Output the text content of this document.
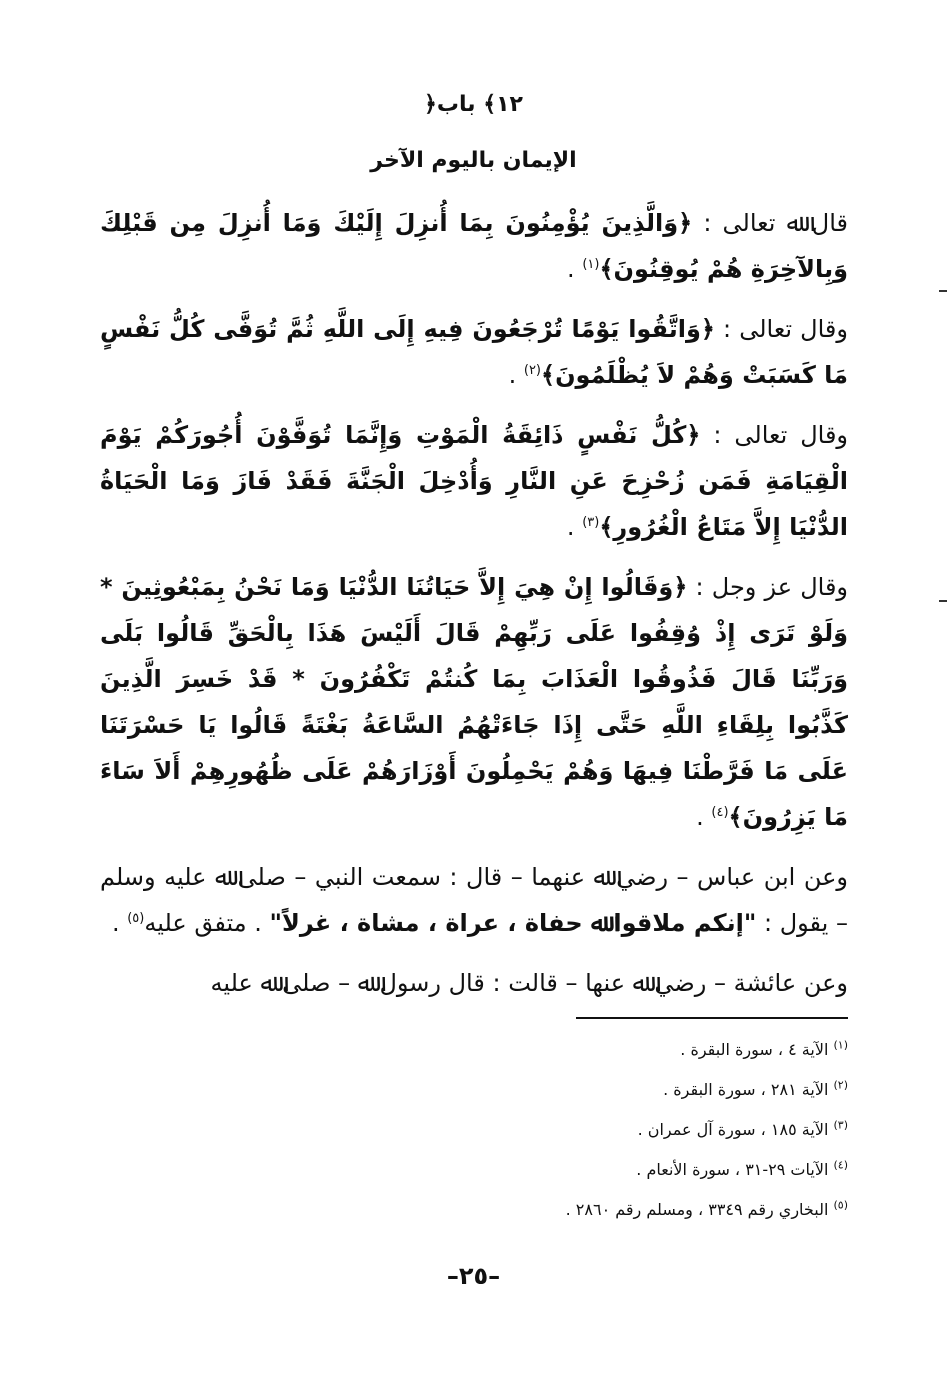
﴿١٢﴾ باب
الإيمان باليوم الآخر

قال ﷲ تعالى : ﴿وَالَّذِينَ يُؤْمِنُونَ بِمَا أُنزِلَ إِلَيْكَ وَمَا أُنزِلَ مِن قَبْلِكَ وَبِالآخِرَةِ هُمْ يُوقِنُونَ﴾$^{(١)}$ .

وقال تعالى : ﴿وَاتَّقُوا يَوْمًا تُرْجَعُونَ فِيهِ إِلَى اللَّهِ ثُمَّ تُوَفَّى كُلُّ نَفْسٍ مَا كَسَبَتْ وَهُمْ لاَ يُظْلَمُونَ﴾$^{(٢)}$ .

وقال تعالى : ﴿كُلُّ نَفْسٍ ذَائِقَةُ الْمَوْتِ وَإِنَّمَا تُوَفَّوْنَ أُجُورَكُمْ يَوْمَ الْقِيَامَةِ فَمَن زُحْزِحَ عَنِ النَّارِ وَأُدْخِلَ الْجَنَّةَ فَقَدْ فَازَ وَمَا الْحَيَاةُ الدُّنْيَا إِلاَّ مَتَاعُ الْغُرُورِ﴾$^{(٣)}$ .

وقال عز وجل : ﴿وَقَالُوا إِنْ هِيَ إِلاَّ حَيَاتُنَا الدُّنْيَا وَمَا نَحْنُ بِمَبْعُوثِينَ * وَلَوْ تَرَى إِذْ وُقِفُوا عَلَى رَبِّهِمْ قَالَ أَلَيْسَ هَذَا بِالْحَقِّ قَالُوا بَلَى وَرَبِّنَا قَالَ فَذُوقُوا الْعَذَابَ بِمَا كُنتُمْ تَكْفُرُونَ * قَدْ خَسِرَ الَّذِينَ كَذَّبُوا بِلِقَاءِ اللَّهِ حَتَّى إِذَا جَاءَتْهُمُ السَّاعَةُ بَغْتَةً قَالُوا يَا حَسْرَتَنَا عَلَى مَا فَرَّطْنَا فِيهَا وَهُمْ يَحْمِلُونَ أَوْزَارَهُمْ عَلَى ظُهُورِهِمْ أَلاَ سَاءَ مَا يَزِرُونَ﴾$^{(٤)}$ .

وعن ابن عباس – رضي ﷲ عنهما – قال : سمعت النبي – صلى ﷲ عليه وسلم – يقول : "إنكم ملاقوا ﷲ حفاة ، عراة ، مشاة ، غرلاً" . متفق عليه$^{(٥)}$ .

وعن عائشة – رضي ﷲ عنها – قالت : قال رسول ﷲ – صلى ﷲ عليه

$^{(١)}$ الآية ٤ ، سورة البقرة .
$^{(٢)}$ الآية ٢٨١ ، سورة البقرة .
$^{(٣)}$ الآية ١٨٥ ، سورة آل عمران .
$^{(٤)}$ الآيات ٢٩-٣١ ، سورة الأنعام .
$^{(٥)}$ البخاري رقم ٣٣٤٩ ، ومسلم رقم ٢٨٦٠ .
–٢٥–
